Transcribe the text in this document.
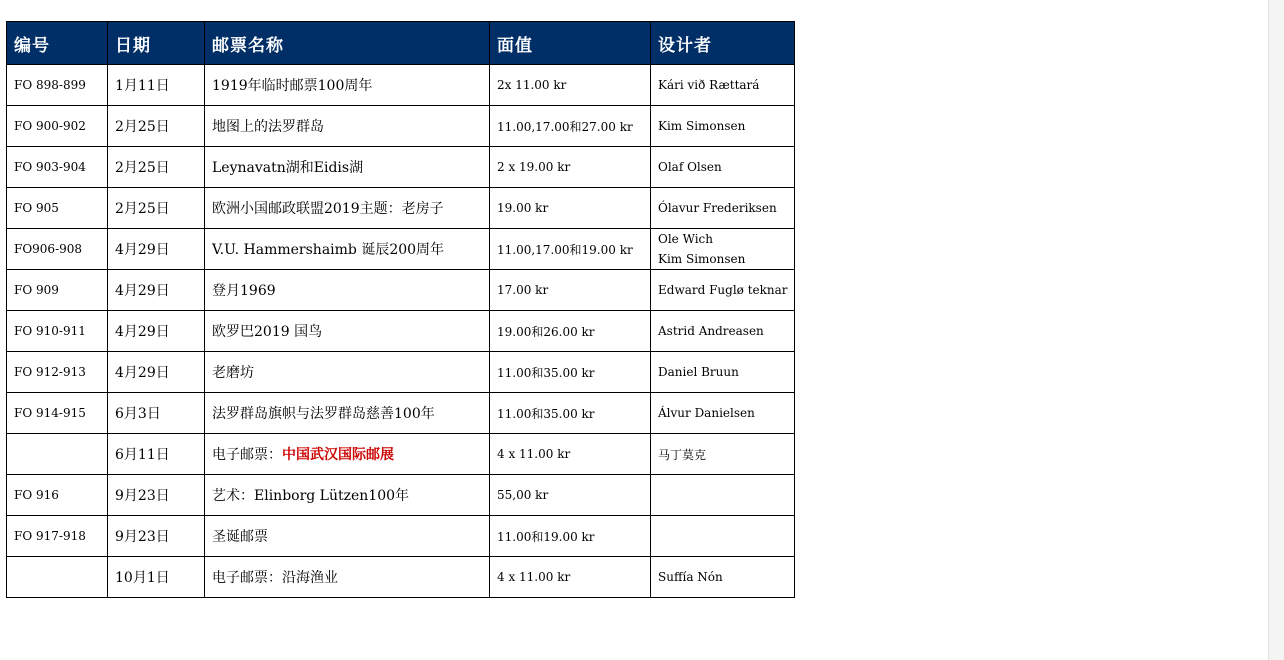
编号	日期	邮票名称	面值	设计者
FO 898-899	1月11日	1919年临时邮票100周年	2x 11.00 kr	Kári við Rættará
FO 900-902	2月25日	地图上的法罗群岛	11.00,17.00和27.00 kr	Kim Simonsen
FO 903-904	2月25日	Leynavatn湖和Eidis湖	2 x 19.00 kr	Olaf Olsen
FO 905	2月25日	欧洲小国邮政联盟2019主题：老房子	19.00 kr	Ólavur Frederiksen
FO906-908	4月29日	V.U. Hammershaimb 诞辰200周年	11.00,17.00和19.00 kr	Ole Wich
Kim Simonsen

FO 909	4月29日	登月1969	17.00 kr	Edward Fuglø teknar
FO 910-911	4月29日	欧罗巴2019 国鸟	19.00和26.00 kr	Astrid Andreasen
FO 912-913	4月29日	老磨坊	11.00和35.00 kr	Daniel Bruun
FO 914-915	6月3日	法罗群岛旗帜与法罗群岛慈善100年	11.00和35.00 kr	Álvur Danielsen
	6月11日	电子邮票：中国武汉国际邮展	4 x 11.00 kr	马丁莫克
FO 916	9月23日	艺术：Elinborg Lützen100年	55,00 kr	
FO 917-918	9月23日	圣诞邮票	11.00和19.00 kr	
	10月1日	电子邮票：沿海渔业	4 x 11.00 kr	Suffía Nón
